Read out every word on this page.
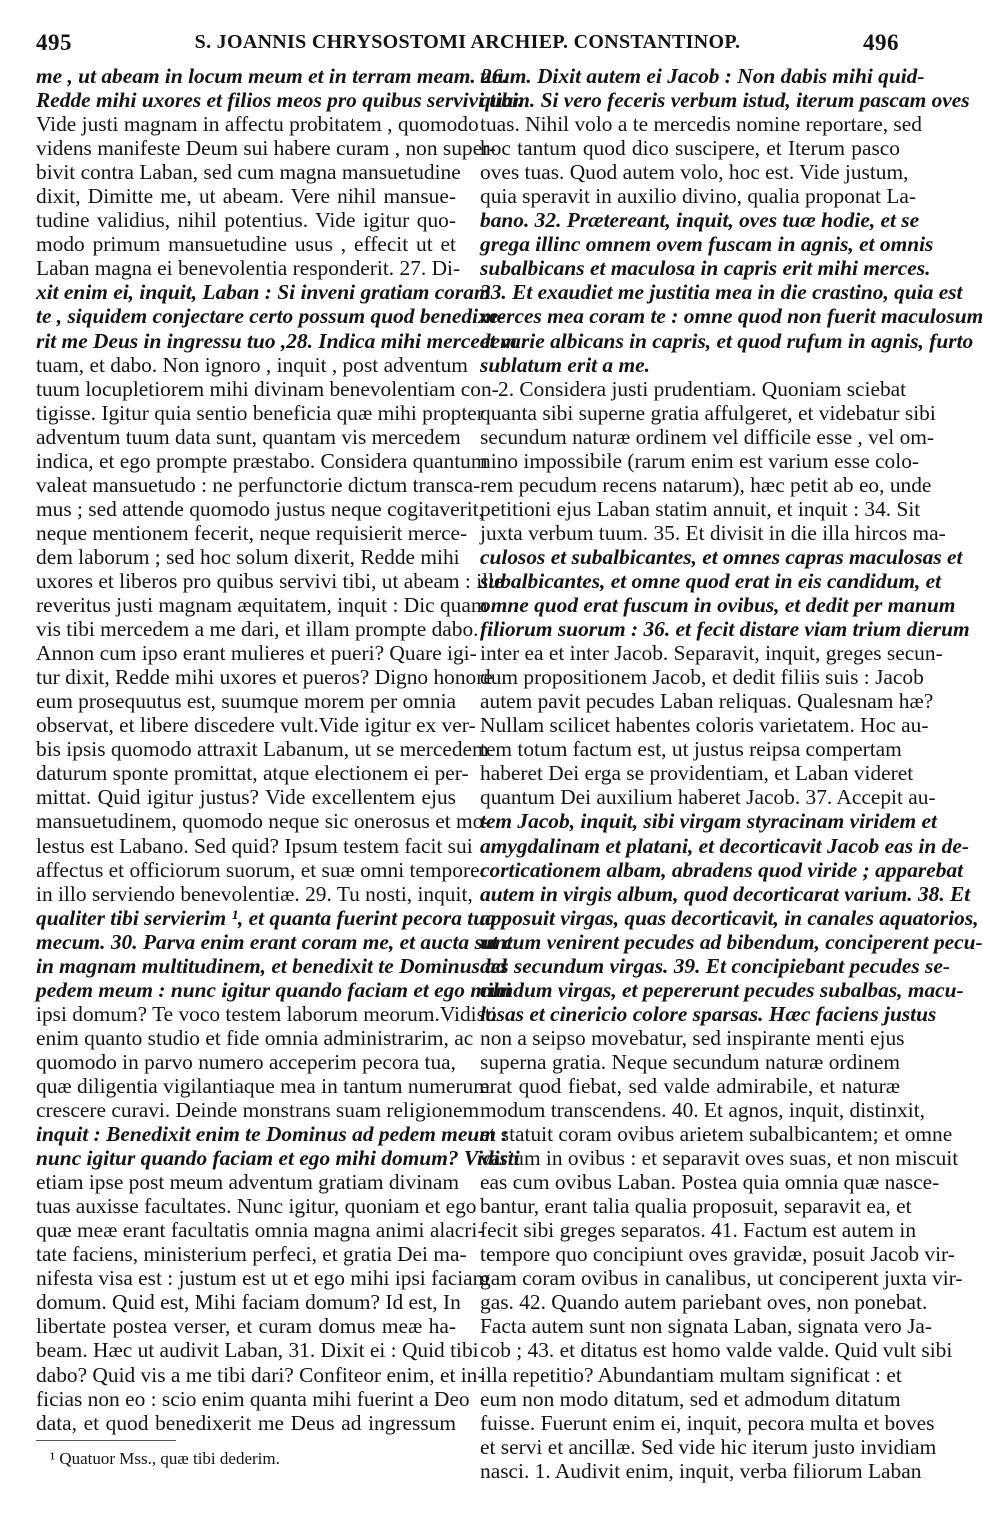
495	S. JOANNIS CHRYSOSTOMI ARCHIEP. CONSTANTINOP.	496
me , ut abeam in locum meum et in terram meam. 26.
Redde mihi uxores et filios meos pro quibus servivi tibi.
Vide justi magnam in affectu probitatem , quomodo
videns manifeste Deum sui habere curam , non super-
bivit contra Laban, sed cum magna mansuetudine
dixit, Dimitte me, ut abeam. Vere nihil mansue-
tudine validius, nihil potentius. Vide igitur quo-
modo primum mansuetudine usus , effecit ut et
Laban magna ei benevolentia responderit. 27. Di-
xit enim ei, inquit, Laban : Si inveni gratiam coram
te , siquidem conjectare certo possum quod benedixe-
rit me Deus in ingressu tuo ,28. Indica mihi mercedem
tuam, et dabo. Non ignoro , inquit , post adventum
tuum locupletiorem mihi divinam benevolentiam con-
tigisse. Igitur quia sentio beneficia quæ mihi propter
adventum tuum data sunt, quantam vis mercedem
indica, et ego prompte præstabo. Considera quantum
valeat mansuetudo : ne perfunctorie dictum transca-
mus ; sed attende quomodo justus neque cogitaverit,
neque mentionem fecerit, neque requisierit merce-
dem laborum ; sed hoc solum dixerit, Redde mihi
uxores et liberos pro quibus servivi tibi, ut abeam : ille
reveritus justi magnam æquitatem, inquit : Dic quam
vis tibi mercedem a me dari, et illam prompte dabo.
Annon cum ipso erant mulieres et pueri? Quare igi-
tur dixit, Redde mihi uxores et pueros? Digno honore
eum prosequutus est, suumque morem per omnia
observat, et libere discedere vult.Vide igitur ex ver-
bis ipsis quomodo attraxit Labanum, ut se mercedem
daturum sponte promittat, atque electionem ei per-
mittat. Quid igitur justus? Vide excellentem ejus
mansuetudinem, quomodo neque sic onerosus et mo-
lestus est Labano. Sed quid? Ipsum testem facit sui
affectus et officiorum suorum, et suæ omni tempore
in illo serviendo benevolentiæ. 29. Tu nosti, inquit,
qualiter tibi servierim ¹, et quanta fuerint pecora tua
mecum. 30. Parva enim erant coram me, et aucta sunt
in magnam multitudinem, et benedixit te Dominus ad
pedem meum : nunc igitur quando faciam et ego mihi
ipsi domum? Te voco testem laborum meorum.Vidisti
enim quanto studio et fide omnia administrarim, ac
quomodo in parvo numero acceperim pecora tua,
quæ diligentia vigilantiaque mea in tantum numerum
crescere curavi. Deinde monstrans suam religionem
inquit : Benedixit enim te Dominus ad pedem meum :
nunc igitur quando faciam et ego mihi domum? Vidisti
etiam ipse post meum adventum gratiam divinam
tuas auxisse facultates. Nunc igitur, quoniam et ego
quæ meæ erant facultatis omnia magna animi alacri-
tate faciens, ministerium perfeci, et gratia Dei ma-
nifesta visa est : justum est ut et ego mihi ipsi faciam
domum. Quid est, Mihi faciam domum? Id est, In
libertate postea verser, et curam domus meæ ha-
beam. Hæc ut audivit Laban, 31. Dixit ei : Quid tibi
dabo? Quid vis a me tibi dari? Confiteor enim, et in-
ficias non eo : scio enim quanta mihi fuerint a Deo
data, et quod benedixerit me Deus ad ingressum
tuum. Dixit autem ei Jacob : Non dabis mihi quid-
quam. Si vero feceris verbum istud, iterum pascam oves
tuas. Nihil volo a te mercedis nomine reportare, sed
hoc tantum quod dico suscipere, et Iterum pasco
oves tuas. Quod autem volo, hoc est. Vide justum,
quia speravit in auxilio divino, qualia proponat La-
bano. 32. Prætereant, inquit, oves tuæ hodie, et se
grega illinc omnem ovem fuscam in agnis, et omnis
subalbicans et maculosa in capris erit mihi merces.
33. Et exaudiet me justitia mea in die crastino, quia est
merces mea coram te : omne quod non fuerit maculosum
et varie albicans in capris, et quod rufum in agnis, furto
sublatum erit a me.
2. Considera justi prudentiam. Quoniam sciebat
quanta sibi superne gratia affulgeret, et videbatur sibi
secundum naturæ ordinem vel difficile esse , vel om-
nino impossibile (rarum enim est varium esse colo-
rem pecudum recens natarum), hæc petit ab eo, unde
petitioni ejus Laban statim annuit, et inquit : 34. Sit
juxta verbum tuum. 35. Et divisit in die illa hircos ma-
culosos et subalbicantes, et omnes capras maculosas et
subalbicantes, et omne quod erat in eis candidum, et
omne quod erat fuscum in ovibus, et dedit per manum
filiorum suorum : 36. et fecit distare viam trium dierum
inter ea et inter Jacob. Separavit, inquit, greges secun-
dum propositionem Jacob, et dedit filiis suis : Jacob
autem pavit pecudes Laban reliquas. Qualesnam hæ?
Nullam scilicet habentes coloris varietatem. Hoc au-
tem totum factum est, ut justus reipsa compertam
haberet Dei erga se providentiam, et Laban videret
quantum Dei auxilium haberet Jacob. 37. Accepit au-
tem Jacob, inquit, sibi virgam styracinam viridem et
amygdalinam et platani, et decorticavit Jacob eas in de-
corticationem albam, abradens quod viride ; apparebat
autem in virgis album, quod decorticarat varium. 38. Et
apposuit virgas, quas decorticavit, in canales aquatorios,
ut cum venirent pecudes ad bibendum, conciperent pecu-
des secundum virgas. 39. Et concipiebant pecudes se-
cundum virgas, et pepererunt pecudes subalbas, macu-
losas et cinericio colore sparsas. Hæc faciens justus
non a seipso movebatur, sed inspirante menti ejus
superna gratia. Neque secundum naturæ ordinem
erat quod fiebat, sed valde admirabile, et naturæ
modum transcendens. 40. Et agnos, inquit, distinxit,
et statuit coram ovibus arietem subalbicantem; et omne
varium in ovibus : et separavit oves suas, et non miscuit
eas cum ovibus Laban. Postea quia omnia quæ nasce-
bantur, erant talia qualia proposuit, separavit ea, et
fecit sibi greges separatos. 41. Factum est autem in
tempore quo concipiunt oves gravidæ, posuit Jacob vir-
gam coram ovibus in canalibus, ut conciperent juxta vir-
gas. 42. Quando autem pariebant oves, non ponebat.
Facta autem sunt non signata Laban, signata vero Ja-
cob ; 43. et ditatus est homo valde valde. Quid vult sibi
illa repetitio? Abundantiam multam significat : et
eum non modo ditatum, sed et admodum ditatum
fuisse. Fuerunt enim ei, inquit, pecora multa et boves
et servi et ancillæ. Sed vide hic iterum justo invidiam
nasci. 1. Audivit enim, inquit, verba filiorum Laban
¹ Quatuor Mss., quæ tibi dederim.
